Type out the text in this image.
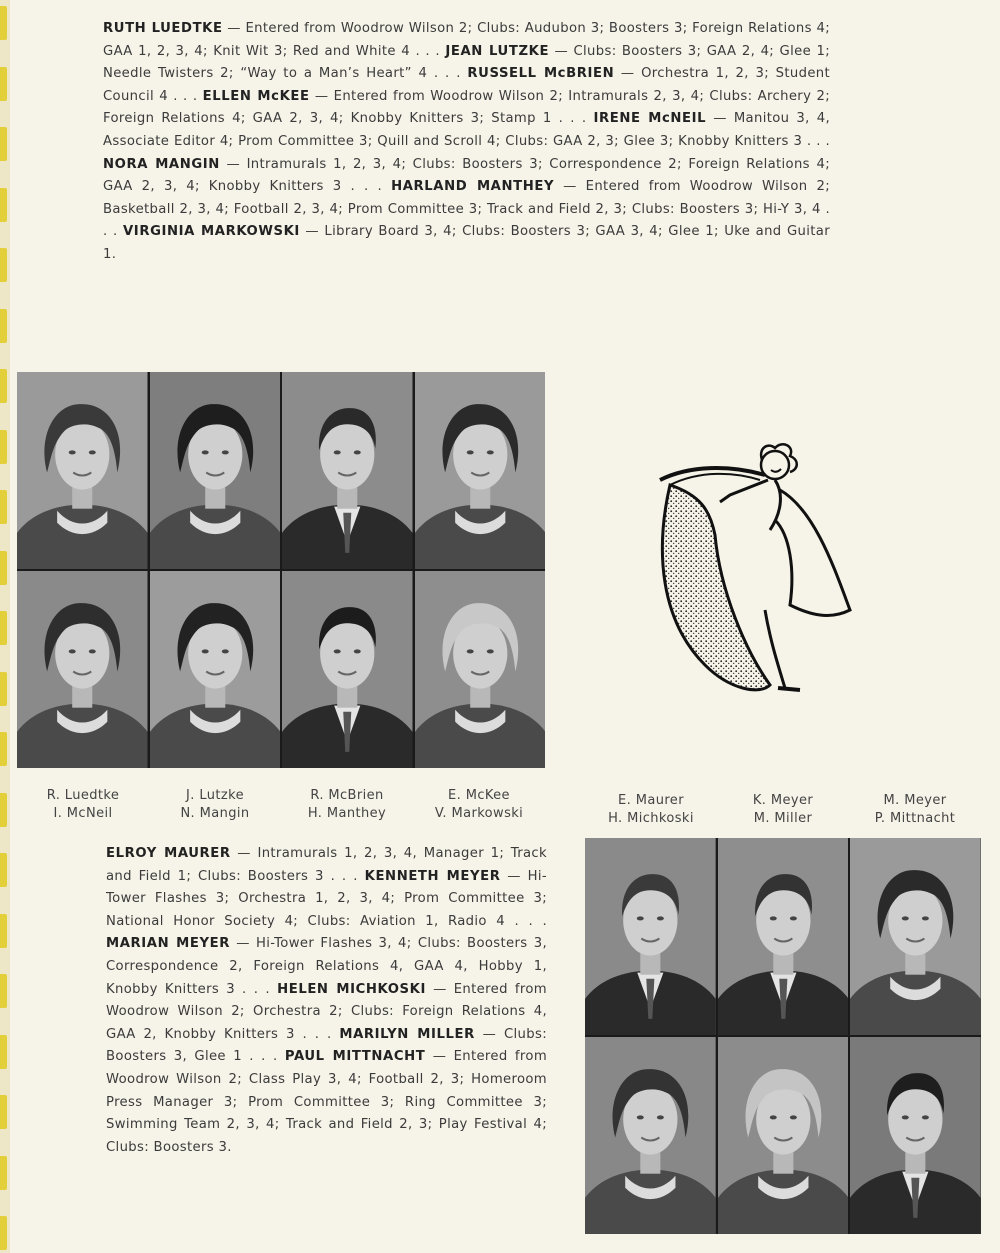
RUTH LUEDTKE — Entered from Woodrow Wilson 2; Clubs: Audubon 3; Boosters 3; Foreign Relations 4; GAA 1, 2, 3, 4; Knit Wit 3; Red and White 4 . . . JEAN LUTZKE — Clubs: Boosters 3; GAA 2, 4; Glee 1; Needle Twisters 2; “Way to a Man’s Heart” 4 . . . RUSSELL McBRIEN — Orchestra 1, 2, 3; Student Council 4 . . . ELLEN McKEE — Entered from Woodrow Wilson 2; Intramurals 2, 3, 4; Clubs: Archery 2; Foreign Relations 4; GAA 2, 3, 4; Knobby Knitters 3; Stamp 1 . . . IRENE McNEIL — Manitou 3, 4, Associate Editor 4; Prom Committee 3; Quill and Scroll 4; Clubs: GAA 2, 3; Glee 3; Knobby Knitters 3 . . . NORA MANGIN — Intramurals 1, 2, 3, 4; Clubs: Boosters 3; Correspondence 2; Foreign Relations 4; GAA 2, 3, 4; Knobby Knitters 3 . . . HARLAND MANTHEY — Entered from Woodrow Wilson 2; Basketball 2, 3, 4; Football 2, 3, 4; Prom Committee 3; Track and Field 2, 3; Clubs: Boosters 3; Hi-Y 3, 4 . . . VIRGINIA MARKOWSKI — Library Board 3, 4; Clubs: Boosters 3; GAA 3, 4; Glee 1; Uke and Guitar 1.
R. Luedtke
I. McNeil
J. Lutzke
N. Mangin
R. McBrien
H. Manthey
E. McKee
V. Markowski
E. Maurer
H. Michkoski
K. Meyer
M. Miller
M. Meyer
P. Mittnacht
ELROY MAURER — Intramurals 1, 2, 3, 4, Manager 1; Track and Field 1; Clubs: Boosters 3 . . . KENNETH MEYER — Hi-Tower Flashes 3; Orchestra 1, 2, 3, 4; Prom Committee 3; National Honor Society 4; Clubs: Aviation 1, Radio 4 . . . MARIAN MEYER — Hi-Tower Flashes 3, 4; Clubs: Boosters 3, Correspondence 2, Foreign Relations 4, GAA 4, Hobby 1, Knobby Knitters 3 . . . HELEN MICHKOSKI — Entered from Woodrow Wilson 2; Orchestra 2; Clubs: Foreign Relations 4, GAA 2, Knobby Knitters 3 . . . MARILYN MILLER — Clubs: Boosters 3, Glee 1 . . . PAUL MITTNACHT — Entered from Woodrow Wilson 2; Class Play 3, 4; Football 2, 3; Homeroom Press Manager 3; Prom Committee 3; Ring Committee 3; Swimming Team 2, 3, 4; Track and Field 2, 3; Play Festival 4; Clubs: Boosters 3.
